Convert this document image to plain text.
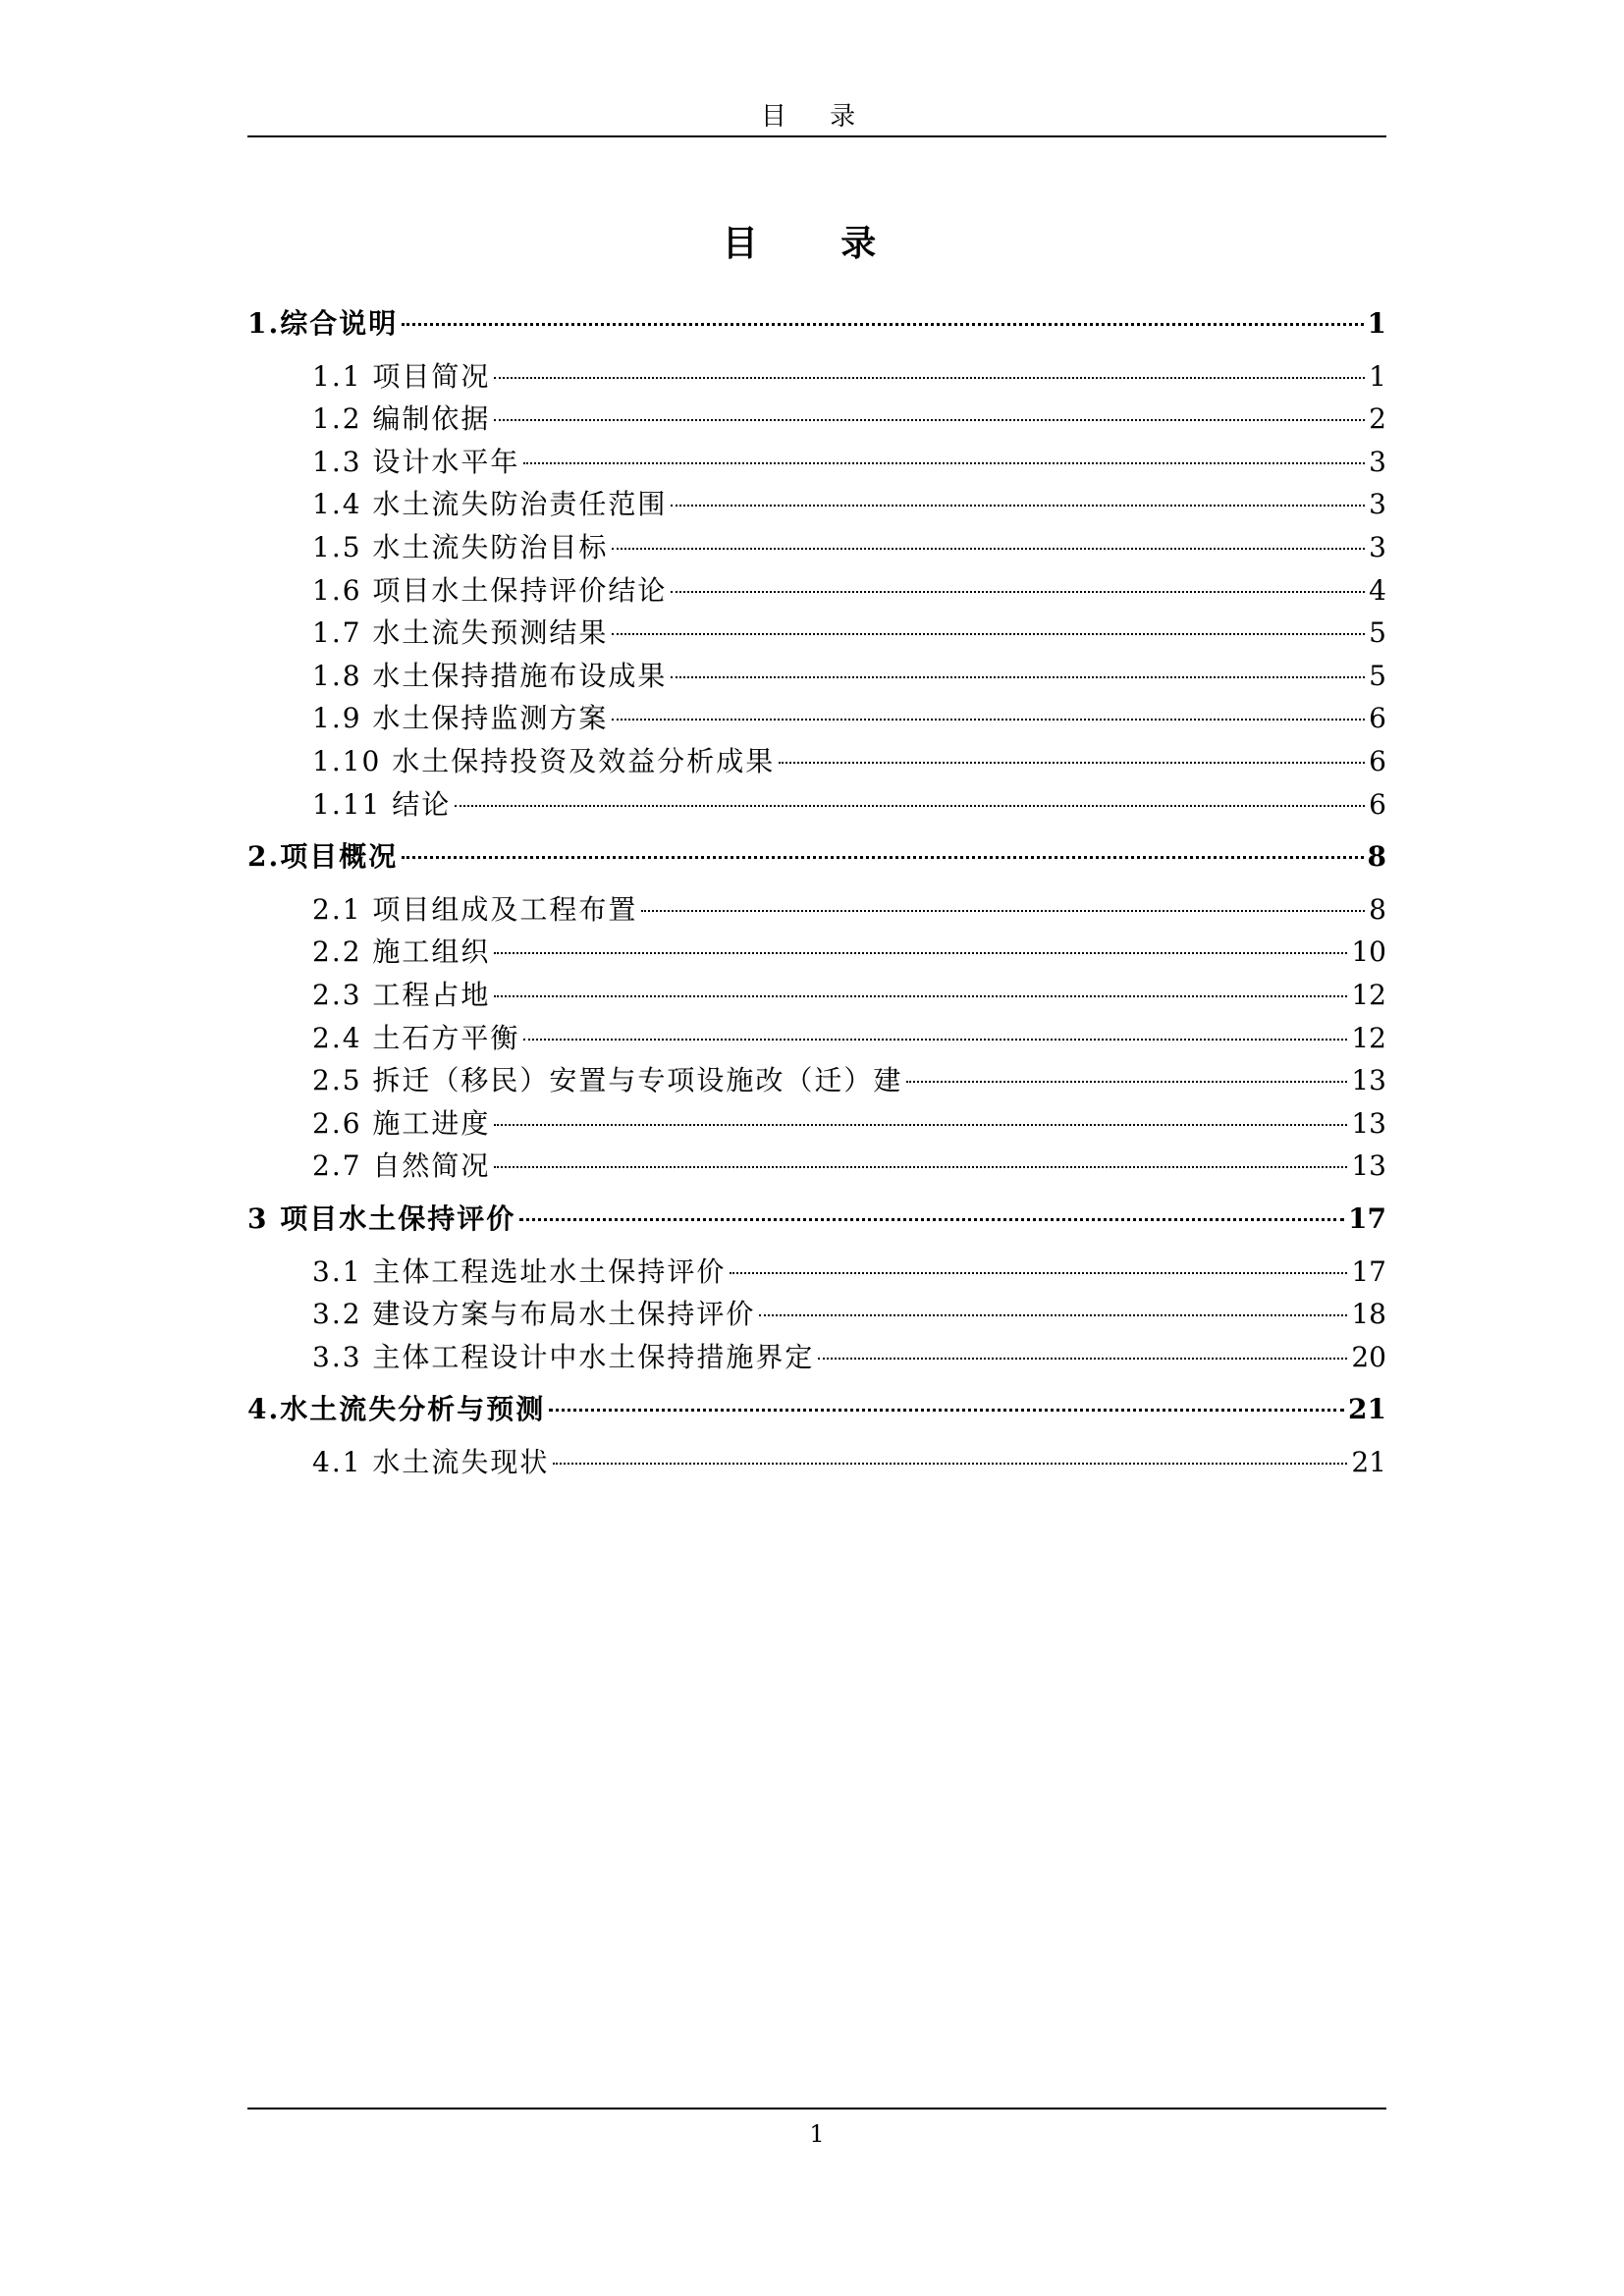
目 录
目 录
1.综合说明	1
1.1 项目简况	1
1.2 编制依据	2
1.3 设计水平年	3
1.4 水土流失防治责任范围	3
1.5 水土流失防治目标	3
1.6 项目水土保持评价结论	4
1.7 水土流失预测结果	5
1.8 水土保持措施布设成果	5
1.9 水土保持监测方案	6
1.10 水土保持投资及效益分析成果	6
1.11 结论	6
2.项目概况	8
2.1 项目组成及工程布置	8
2.2 施工组织	10
2.3 工程占地	12
2.4 土石方平衡	12
2.5 拆迁（移民）安置与专项设施改（迁）建	13
2.6 施工进度	13
2.7 自然简况	13
3 项目水土保持评价	17
3.1 主体工程选址水土保持评价	17
3.2 建设方案与布局水土保持评价	18
3.3 主体工程设计中水土保持措施界定	20
4.水土流失分析与预测	21
4.1 水土流失现状	21
1
